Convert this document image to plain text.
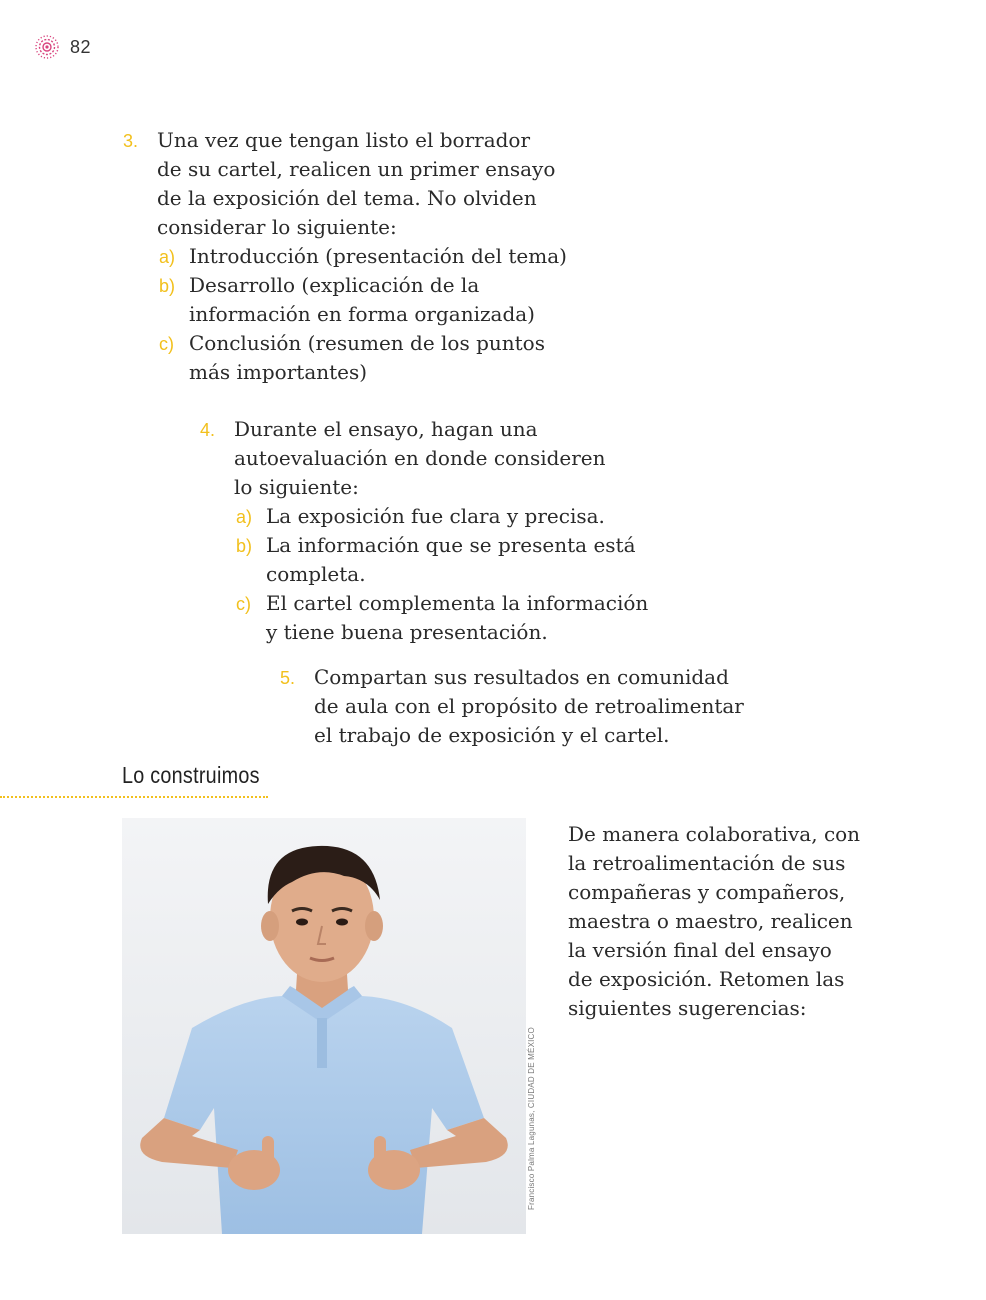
82
3. Una vez que tengan listo el borrador
de su cartel, realicen un primer ensayo
de la exposición del tema. No olviden
considerar lo siguiente:
a) Introducción (presentación del tema)
b) Desarrollo (explicación de la
información en forma organizada)
c) Conclusión (resumen de los puntos
más importantes)
4. Durante el ensayo, hagan una
autoevaluación en donde consideren
lo siguiente:
a) La exposición fue clara y precisa.
b) La información que se presenta está
completa.
c) El cartel complementa la información
y tiene buena presentación.
5. Compartan sus resultados en comunidad
de aula con el propósito de retroalimentar
el trabajo de exposición y el cartel.
Lo construimos
Francisco Palma Lagunas, CIUDAD DE MÉXICO
De manera colaborativa, con
la retroalimentación de sus
compañeras y compañeros,
maestra o maestro, realicen
la versión final del ensayo
de exposición. Retomen las
siguientes sugerencias:
